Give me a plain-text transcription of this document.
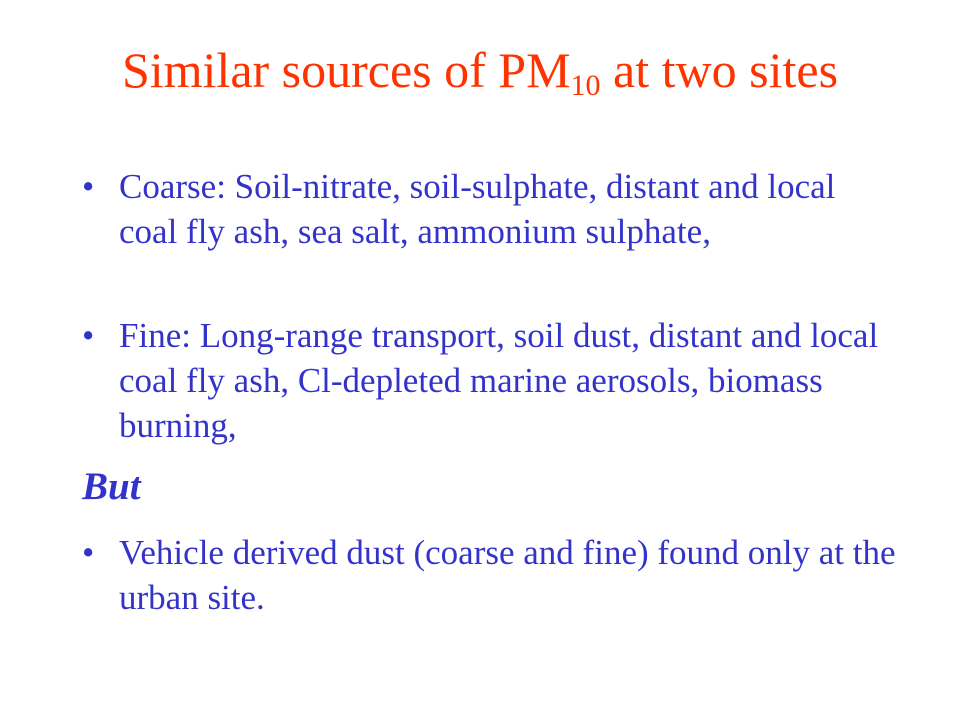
Similar sources of $PM_{10}$ at two sites
• Coarse: Soil-nitrate, soil-sulphate, distant and local coal fly ash, sea salt, ammonium sulphate,
• Fine: Long-range transport, soil dust, distant and local coal fly ash, Cl-depleted marine aerosols, biomass burning,
But
• Vehicle derived dust (coarse and fine) found only at the urban site.
